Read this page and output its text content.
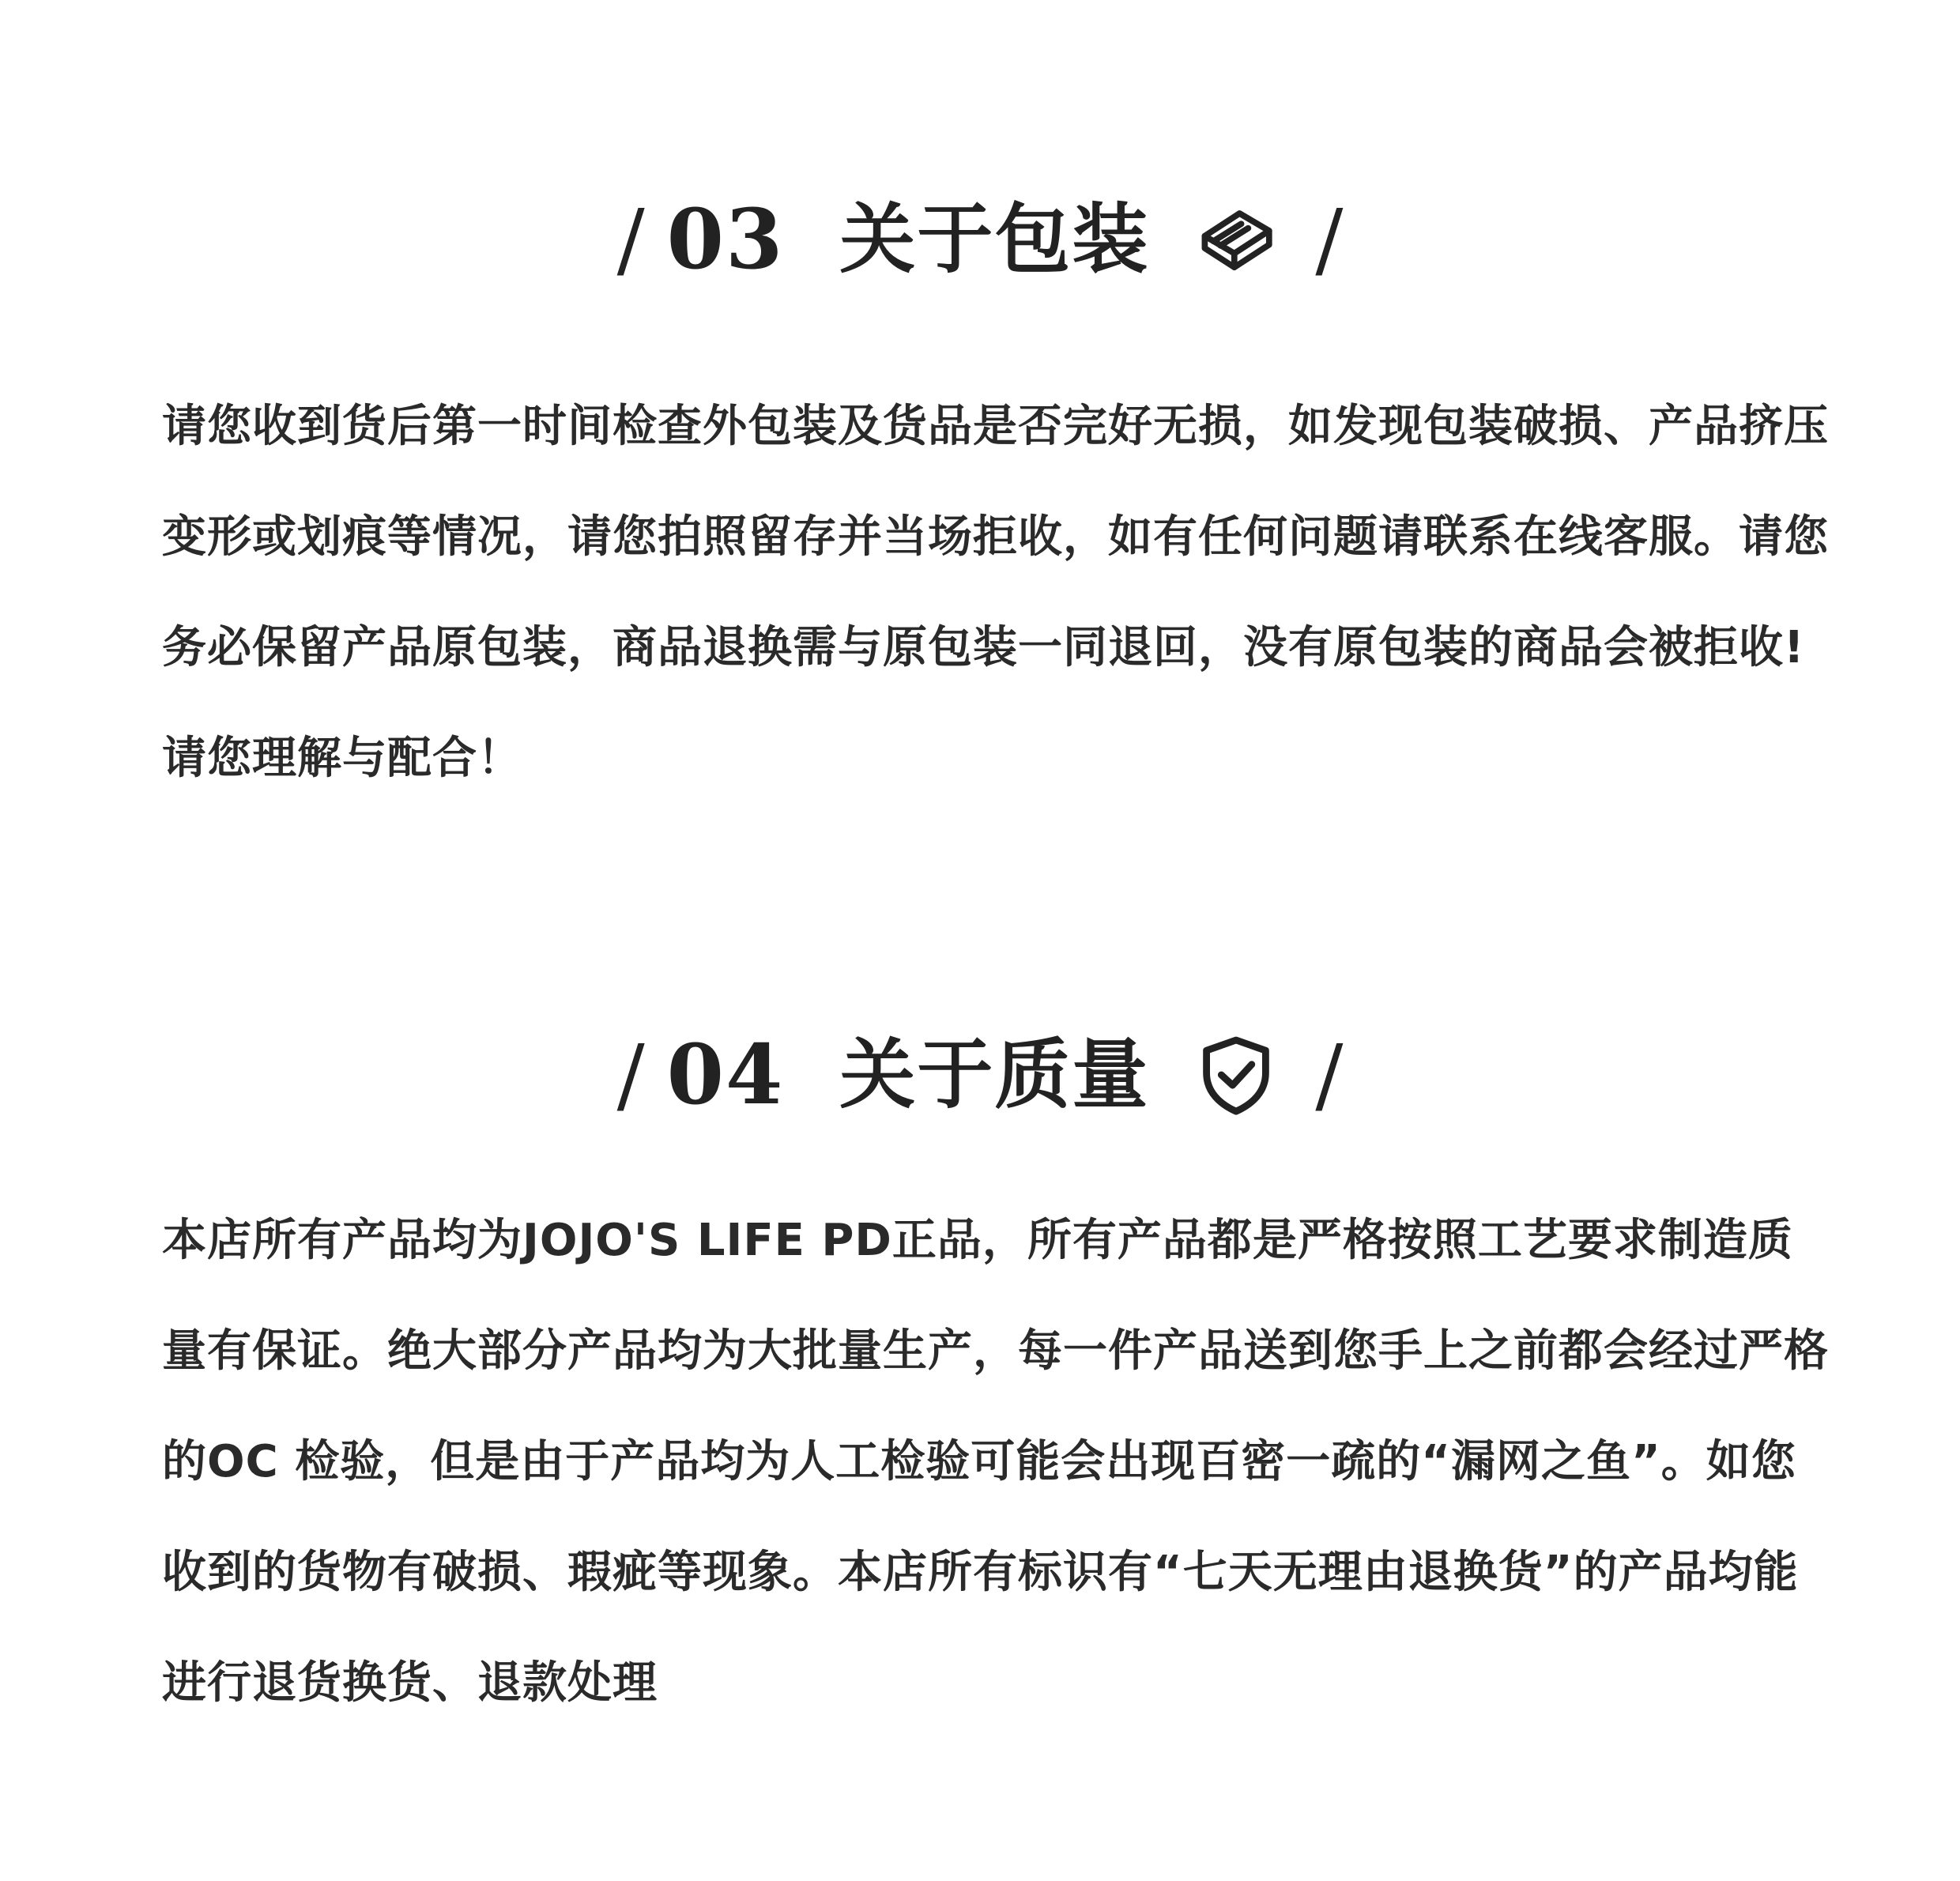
/ 03 关于包装 /

请您收到货后第一时间检查外包装及货品是否完好无损，如发现包装破损、产品挤压变形或划痕等情况，请您拍照留存并当场拒收，如有任何问题请联系在线客服。请您务必保留产品原包装，商品退换需与原包装一同退回，没有原包装的商品会被拒收!请您理解与配合！

/ 04 关于质量 /

本店所有产品均为JOJO'S LIFE PD正品，所有产品都是严格按照工艺要求制造质量有保证。绝大部分产品均为大批量生产，每一件产品送到您手上之前都会经过严格的OC 检验，但是由于产品均为人工检验可能会出现百密一疏的“漏网之鱼”。如您收到的货物有破损、瑕疵等现象。本店所有标识有“七天无理由退换货”的产品均能进行退货换货、退款处理
